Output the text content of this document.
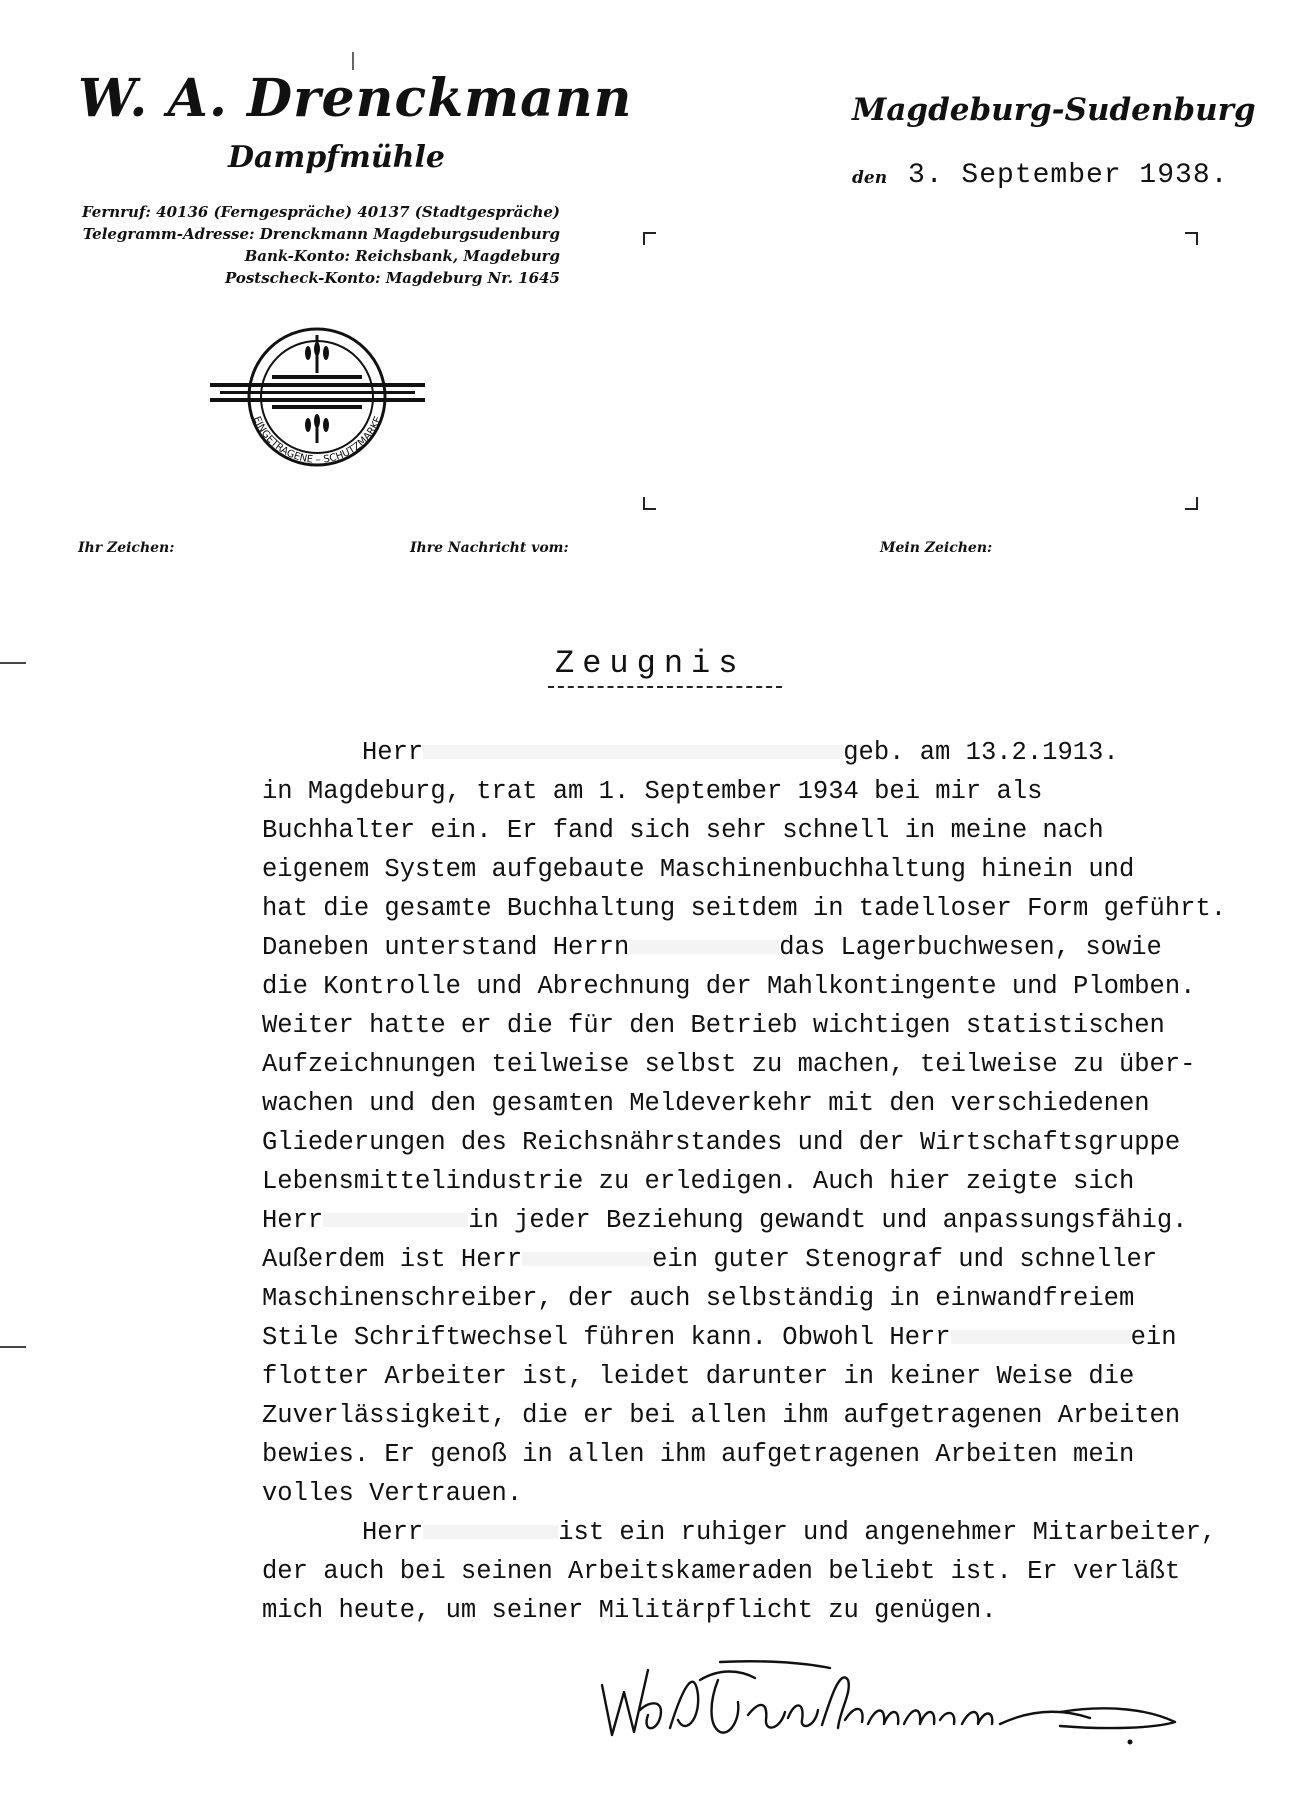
W. A. Drenckmann
Dampfmühle
Fernruf: 40136 (Ferngespräche) 40137 (Stadtgespräche)
Telegramm-Adresse: Drenckmann Magdeburgsudenburg
Bank-Konto: Reichsbank, Magdeburg
Postscheck-Konto: Magdeburg Nr. 1645
Magdeburg-Sudenburg
den 3. September 1938.
EINGETRAGENE – SCHUTZMARKE
Ihr Zeichen:	Ihre Nachricht vom:	Mein Zeichen:
Zeugnis
Herr	geb. am 13.2.1913.
in Magdeburg, trat am 1. September 1934 bei mir als
Buchhalter ein. Er fand sich sehr schnell in meine nach
eigenem System aufgebaute Maschinenbuchhaltung hinein und
hat die gesamte Buchhaltung seitdem in tadelloser Form geführt.
Daneben unterstand Herrn	das Lagerbuchwesen, sowie
die Kontrolle und Abrechnung der Mahlkontingente und Plomben.
Weiter hatte er die für den Betrieb wichtigen statistischen
Aufzeichnungen teilweise selbst zu machen, teilweise zu über-
wachen und den gesamten Meldeverkehr mit den verschiedenen
Gliederungen des Reichsnährstandes und der Wirtschaftsgruppe
Lebensmittelindustrie zu erledigen. Auch hier zeigte sich
Herr	in jeder Beziehung gewandt und anpassungsfähig.
Außerdem ist Herr	ein guter Stenograf und schneller
Maschinenschreiber, der auch selbständig in einwandfreiem
Stile Schriftwechsel führen kann. Obwohl Herr	ein
flotter Arbeiter ist, leidet darunter in keiner Weise die
Zuverlässigkeit, die er bei allen ihm aufgetragenen Arbeiten
bewies. Er genoß in allen ihm aufgetragenen Arbeiten mein
volles Vertrauen.
Herr	ist ein ruhiger und angenehmer Mitarbeiter,
der auch bei seinen Arbeitskameraden beliebt ist. Er verläßt
mich heute, um seiner Militärpflicht zu genügen.
